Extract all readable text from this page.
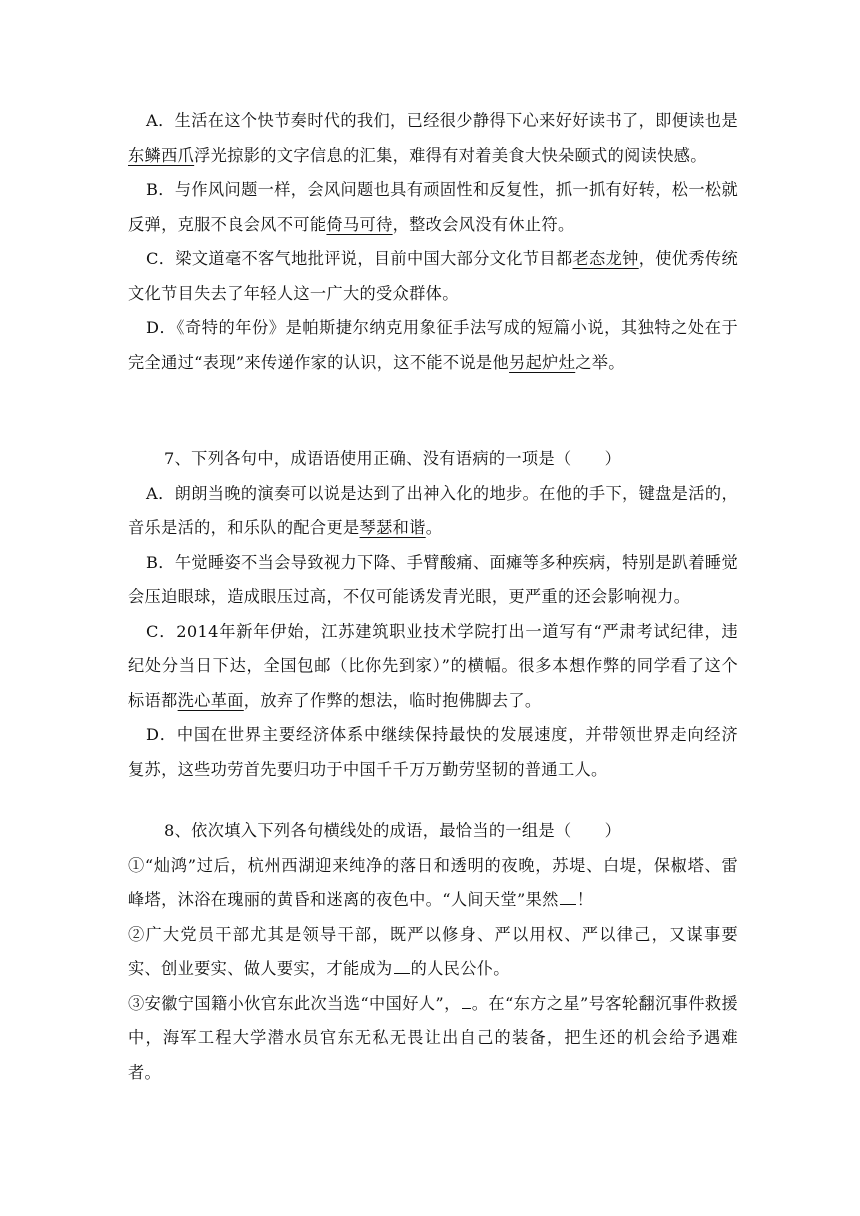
A．生活在这个快节奏时代的我们，已经很少静得下心来好好读书了，即便读也是东鳞西爪浮光掠影的文字信息的汇集，难得有对着美食大快朵颐式的阅读快感。

B．与作风问题一样，会风问题也具有顽固性和反复性，抓一抓有好转，松一松就反弹，克服不良会风不可能倚马可待，整改会风没有休止符。

C．梁文道毫不客气地批评说，目前中国大部分文化节目都老态龙钟，使优秀传统文化节目失去了年轻人这一广大的受众群体。

D．《奇特的年份》是帕斯捷尔纳克用象征手法写成的短篇小说，其独特之处在于完全通过“表现”来传递作家的认识，这不能不说是他另起炉灶之举。

7、下列各句中，成语语使用正确、没有语病的一项是（　　）

A．朗朗当晚的演奏可以说是达到了出神入化的地步。在他的手下，键盘是活的，音乐是活的，和乐队的配合更是琴瑟和谐。

B．午觉睡姿不当会导致视力下降、手臂酸痛、面瘫等多种疾病，特别是趴着睡觉会压迫眼球，造成眼压过高，不仅可能诱发青光眼，更严重的还会影响视力。

C．2014年新年伊始，江苏建筑职业技术学院打出一道写有“严肃考试纪律，违纪处分当日下达，全国包邮（比你先到家）”的横幅。很多本想作弊的同学看了这个标语都洗心革面，放弃了作弊的想法，临时抱佛脚去了。

D．中国在世界主要经济体系中继续保持最快的发展速度，并带领世界走向经济复苏，这些功劳首先要归功于中国千千万万勤劳坚韧的普通工人。

8、依次填入下列各句横线处的成语，最恰当的一组是（　　）

①“灿鸿”过后，杭州西湖迎来纯净的落日和透明的夜晚，苏堤、白堤，保椒塔、雷峰塔，沐浴在瑰丽的黄昏和迷离的夜色中。“人间天堂”果然 ！

②广大党员干部尤其是领导干部，既严以修身、严以用权、严以律己，又谋事要实、创业要实、做人要实，才能成为 的人民公仆。

③安徽宁国籍小伙官东此次当选“中国好人”， 。在“东方之星”号客轮翻沉事件救援中，海军工程大学潜水员官东无私无畏让出自己的装备，把生还的机会给予遇难者。
